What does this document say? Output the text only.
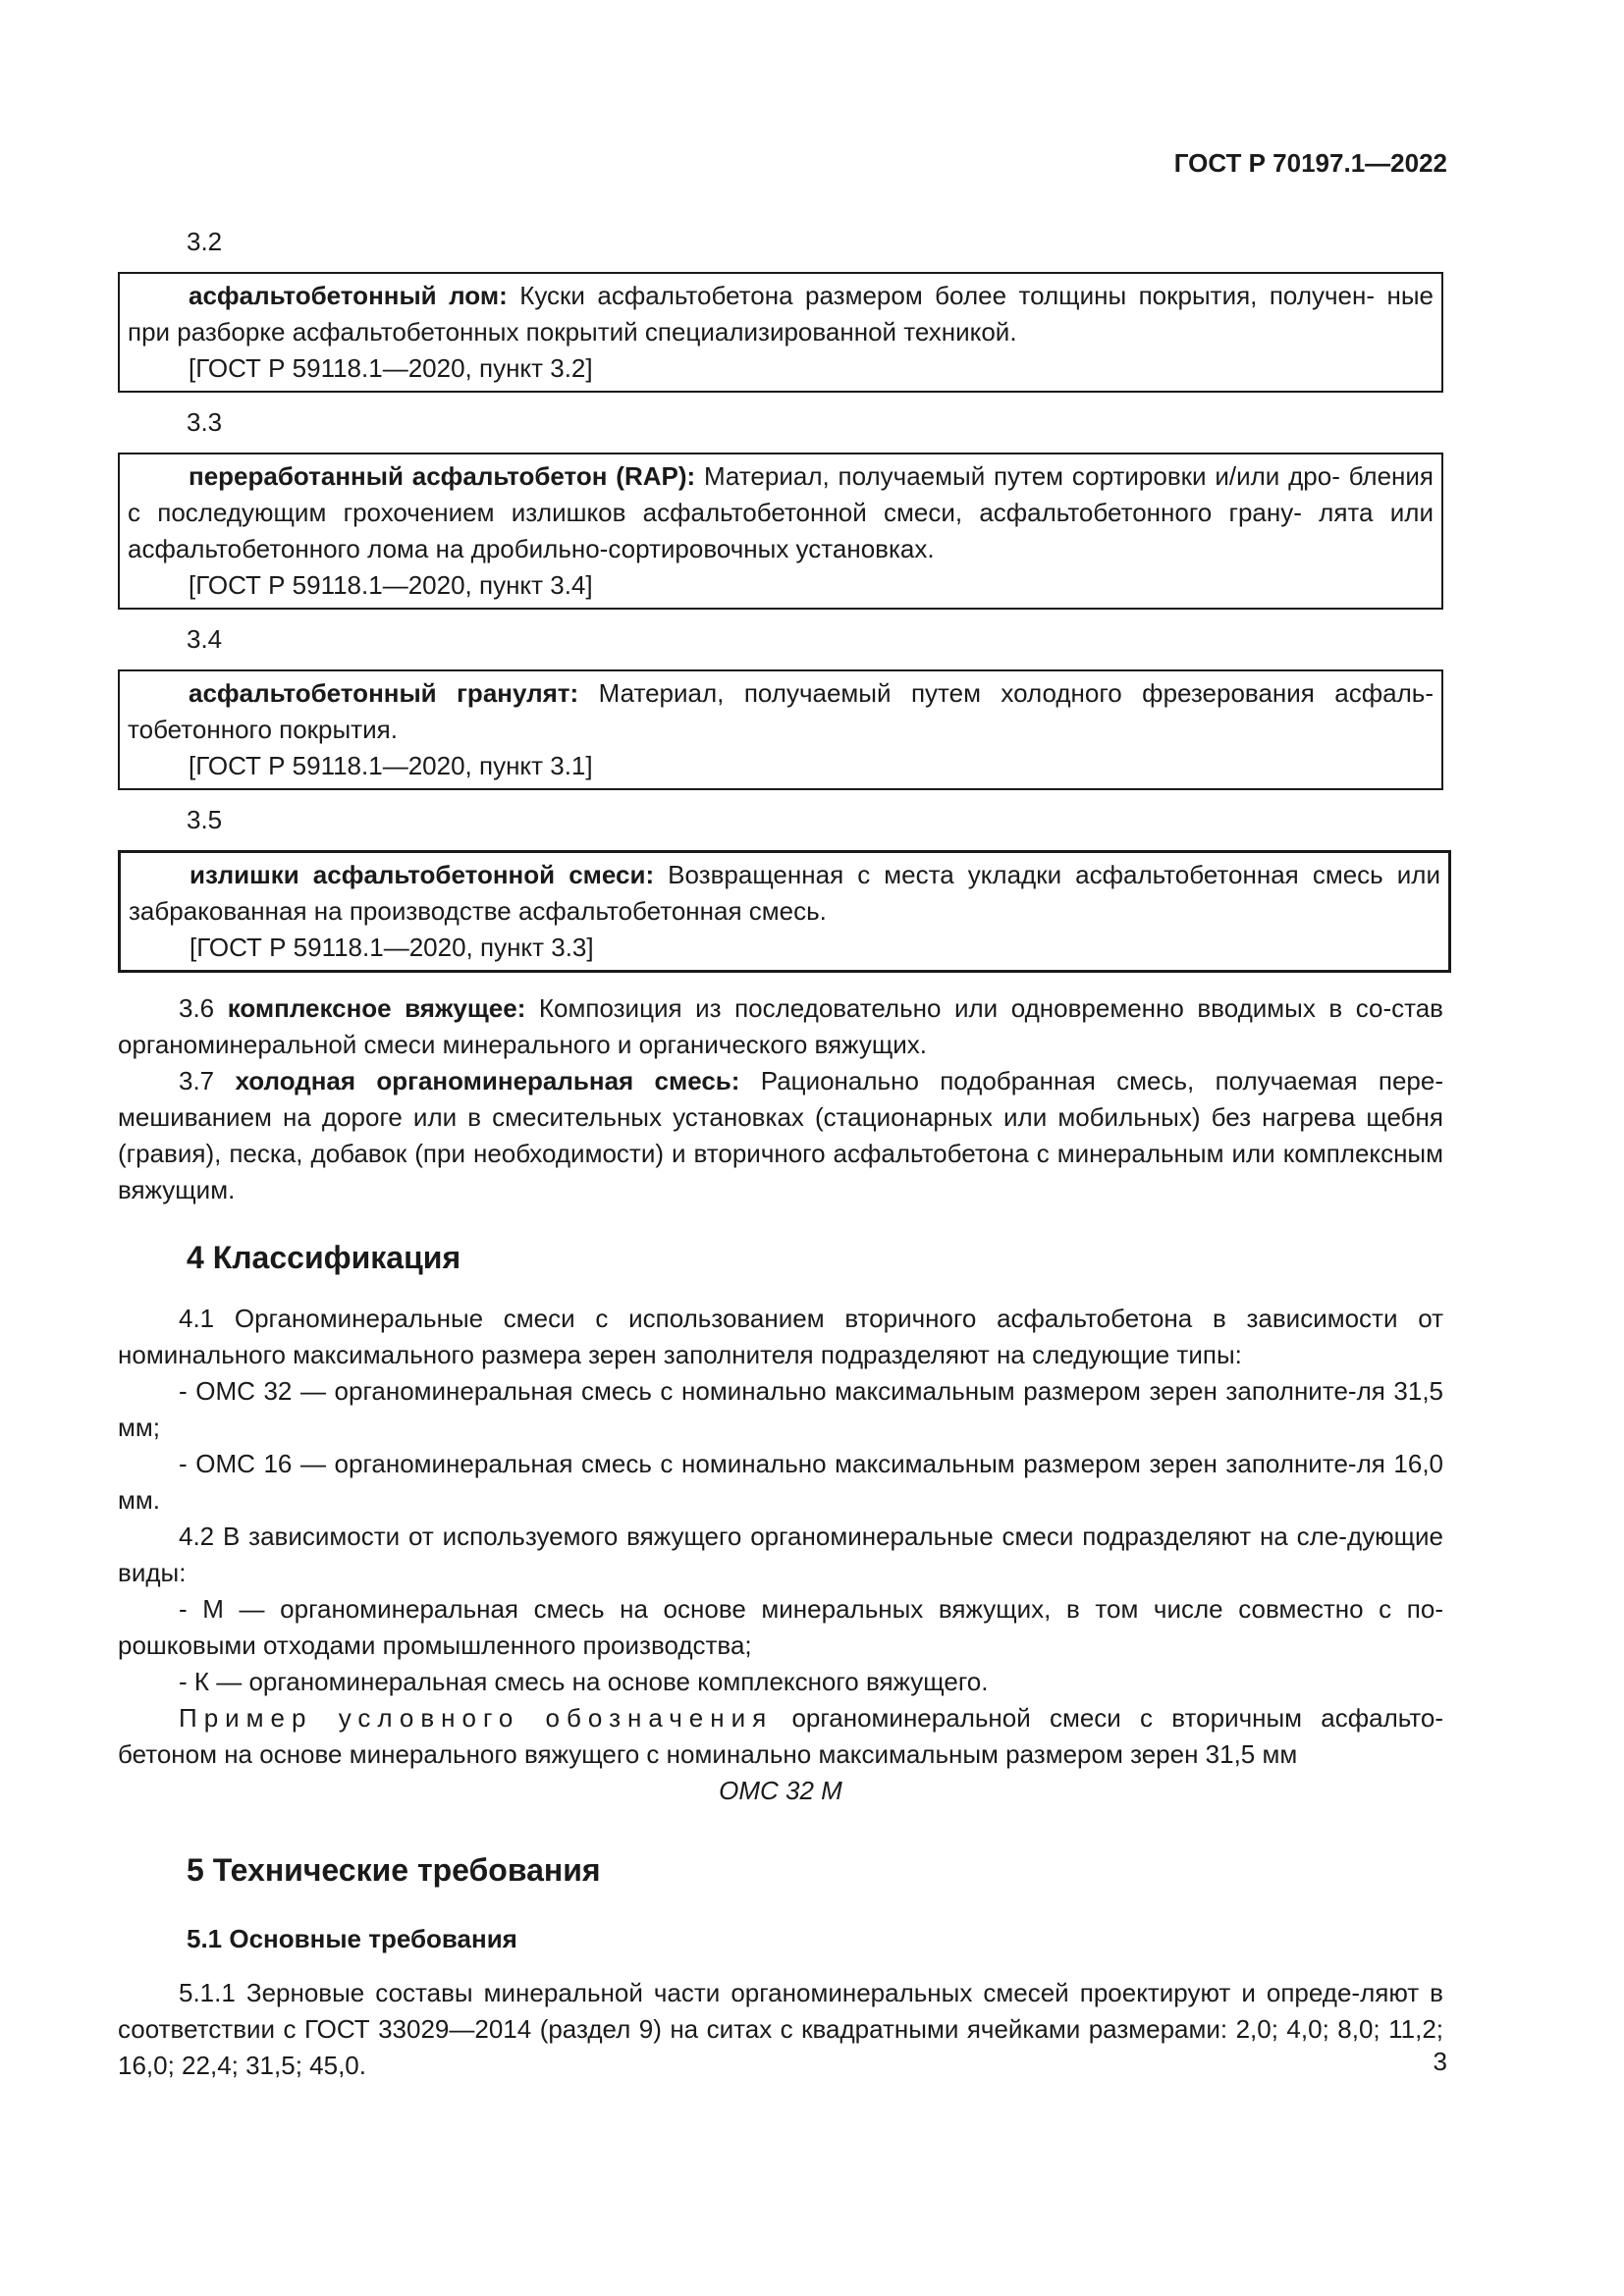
ГОСТ Р 70197.1—2022
3.2

асфальтобетонный лом: Куски асфальтобетона размером более толщины покрытия, получен- ные при разборке асфальтобетонных покрытий специализированной техникой.

[ГОСТ Р 59118.1—2020, пункт 3.2]

3.3

переработанный асфальтобетон (RAP): Материал, получаемый путем сортировки и/или дро- бления с последующим грохочением излишков асфальтобетонной смеси, асфальтобетонного грану- лята или асфальтобетонного лома на дробильно-сортировочных установках.

[ГОСТ Р 59118.1—2020, пункт 3.4]

3.4

асфальтобетонный гранулят: Материал, получаемый путем холодного фрезерования асфаль- тобетонного покрытия.

[ГОСТ Р 59118.1—2020, пункт 3.1]

3.5

излишки асфальтобетонной смеси: Возвращенная с места укладки асфальтобетонная смесь или забракованная на производстве асфальтобетонная смесь.

[ГОСТ Р 59118.1—2020, пункт 3.3]

3.6 комплексное вяжущее: Композиция из последовательно или одновременно вводимых в со-став органоминеральной смеси минерального и органического вяжущих.

3.7 холодная органоминеральная смесь: Рационально подобранная смесь, получаемая пере-мешиванием на дороге или в смесительных установках (стационарных или мобильных) без нагрева щебня (гравия), песка, добавок (при необходимости) и вторичного асфальтобетона с минеральным или комплексным вяжущим.

4 Классификация

4.1 Органоминеральные смеси с использованием вторичного асфальтобетона в зависимости от номинального максимального размера зерен заполнителя подразделяют на следующие типы:

- ОМС 32 — органоминеральная смесь с номинально максимальным размером зерен заполните-ля 31,5 мм;

- ОМС 16 — органоминеральная смесь с номинально максимальным размером зерен заполните-ля 16,0 мм.

4.2 В зависимости от используемого вяжущего органоминеральные смеси подразделяют на сле-дующие виды:

- М — органоминеральная смесь на основе минеральных вяжущих, в том числе совместно с по-рошковыми отходами промышленного производства;

- К — органоминеральная смесь на основе комплексного вяжущего.

Пример условного обозначения органоминеральной смеси с вторичным асфальто-бетоном на основе минерального вяжущего с номинально максимальным размером зерен 31,5 мм

ОМС 32 М

5 Технические требования
5.1 Основные требования

5.1.1 Зерновые составы минеральной части органоминеральных смесей проектируют и опреде-ляют в соответствии с ГОСТ 33029—2014 (раздел 9) на ситах с квадратными ячейками размерами: 2,0; 4,0; 8,0; 11,2; 16,0; 22,4; 31,5; 45,0.	3
